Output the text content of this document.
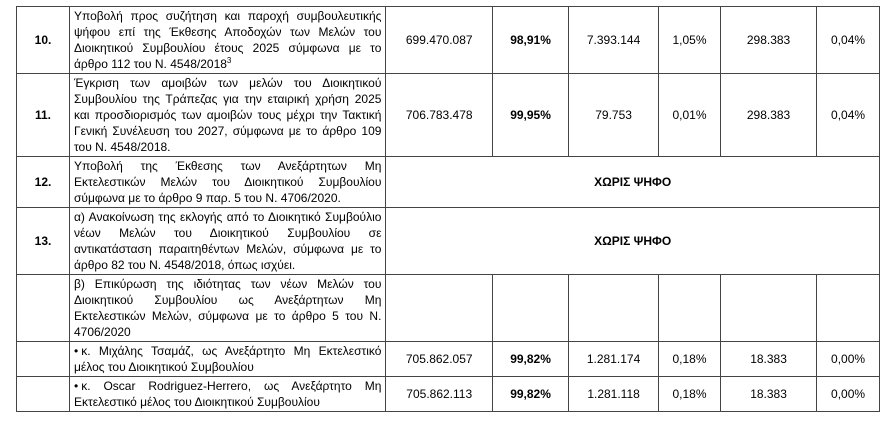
10.	Υποβολή προς συζήτηση και παροχή συμβουλευτικής ψήφου επί της Έκθεσης Αποδοχών των Μελών του Διοικητικού Συμβουλίου έτους 2025 σύμφωνα με το άρθρο 112 του Ν. 4548/2018$^3$	699.470.087	98,91%	7.393.144	1,05%	298.383	0,04%
11.	Έγκριση των αμοιβών των μελών του Διοικητικού Συμβουλίου της Τράπεζας για την εταιρική χρήση 2025 και προσδιορισμός των αμοιβών τους μέχρι την Τακτική Γενική Συνέλευση του 2027, σύμφωνα με το άρθρο 109 του Ν. 4548/2018.	706.783.478	99,95%	79.753	0,01%	298.383	0,04%
12.	Υποβολή της Έκθεσης των Ανεξάρτητων Μη Εκτελεστικών Μελών του Διοικητικού Συμβουλίου σύμφωνα με το άρθρο 9 παρ. 5 του Ν. 4706/2020.	ΧΩΡΙΣ ΨΗΦΟ					
13.	α) Ανακοίνωση της εκλογής από το Διοικητικό Συμβούλιο νέων Μελών του Διοικητικού Συμβουλίου σε αντικατάσταση παραιτηθέντων Μελών, σύμφωνα με το άρθρο 82 του Ν. 4548/2018, όπως ισχύει.	ΧΩΡΙΣ ΨΗΦΟ					
	β) Επικύρωση της ιδιότητας των νέων Μελών του Διοικητικού Συμβουλίου ως Ανεξάρτητων Μη Εκτελεστικών Μελών, σύμφωνα με το άρθρο 5 του Ν. 4706/2020						
	• κ. Μιχάλης Τσαμάζ, ως Ανεξάρτητο Μη Εκτελεστικό μέλος του Διοικητικού Συμβουλίου	705.862.057	99,82%	1.281.174	0,18%	18.383	0,00%
	• κ. Oscar Rodriguez-Herrero, ως Ανεξάρτητο Μη Εκτελεστικό μέλος του Διοικητικού Συμβουλίου	705.862.113	99,82%	1.281.118	0,18%	18.383	0,00%
